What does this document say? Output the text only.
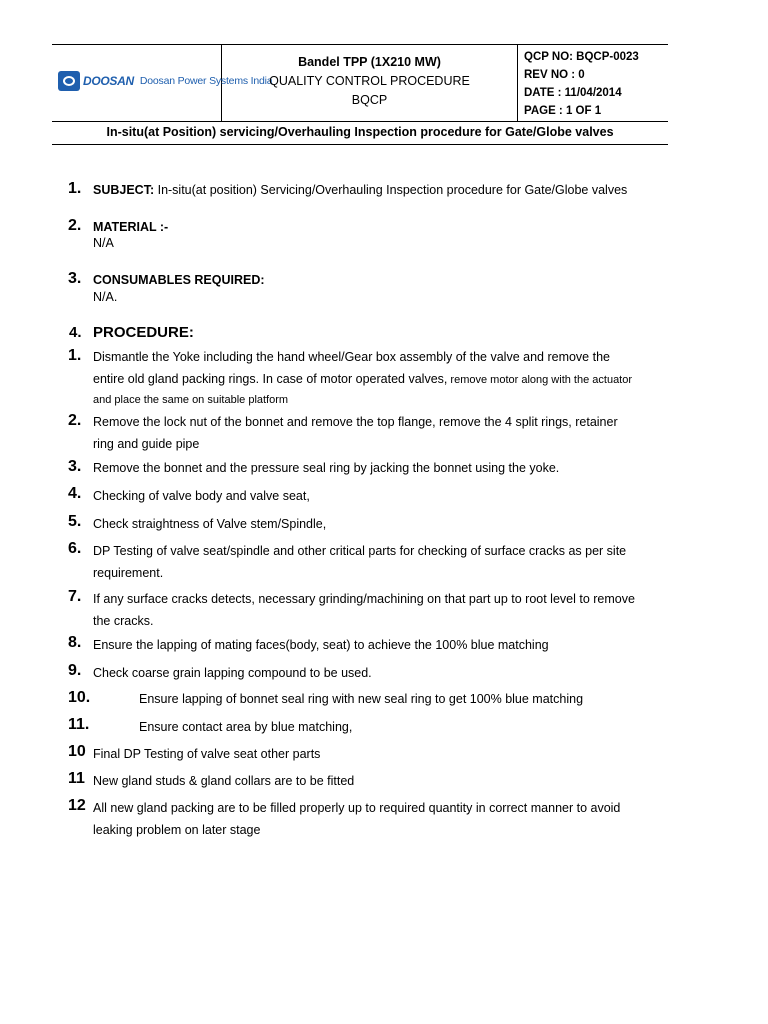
DOOSAN Doosan Power Systems India
Bandel TPP (1X210 MW)
QUALITY CONTROL PROCEDURE
BQCP
QCP NO: BQCP-0023
REV NO : 0
DATE : 11/04/2014
PAGE : 1 OF 1
In-situ(at Position) servicing/Overhauling Inspection procedure for Gate/Globe valves
1. SUBJECT: In-situ(at position) Servicing/Overhauling Inspection procedure for Gate/Globe valves
2. MATERIAL :-
N/A
3. CONSUMABLES REQUIRED:
N/A.
4. PROCEDURE:
1. Dismantle the Yoke including the hand wheel/Gear box assembly of the valve and remove the
entire old gland packing rings. In case of motor operated valves, remove motor along with the actuator
and place the same on suitable platform
2. Remove the lock nut of the bonnet and remove the top flange, remove the 4 split rings, retainer
ring and guide pipe
3. Remove the bonnet and the pressure seal ring by jacking the bonnet using the yoke.
4. Checking of valve body and valve seat,
5. Check straightness of Valve stem/Spindle,
6. DP Testing of valve seat/spindle and other critical parts for checking of surface cracks as per site
requirement.
7. If any surface cracks detects, necessary grinding/machining on that part up to root level to remove
the cracks.
8. Ensure the lapping of mating faces(body, seat) to achieve the 100% blue matching
9. Check coarse grain lapping compound to be used.
10.	Ensure lapping of bonnet seal ring with new seal ring to get 100% blue matching
11.	Ensure contact area by blue matching,
10 Final DP Testing of valve seat other parts
11 New gland studs & gland collars are to be fitted
12 All new gland packing are to be filled properly up to required quantity in correct manner to avoid
leaking problem on later stage
